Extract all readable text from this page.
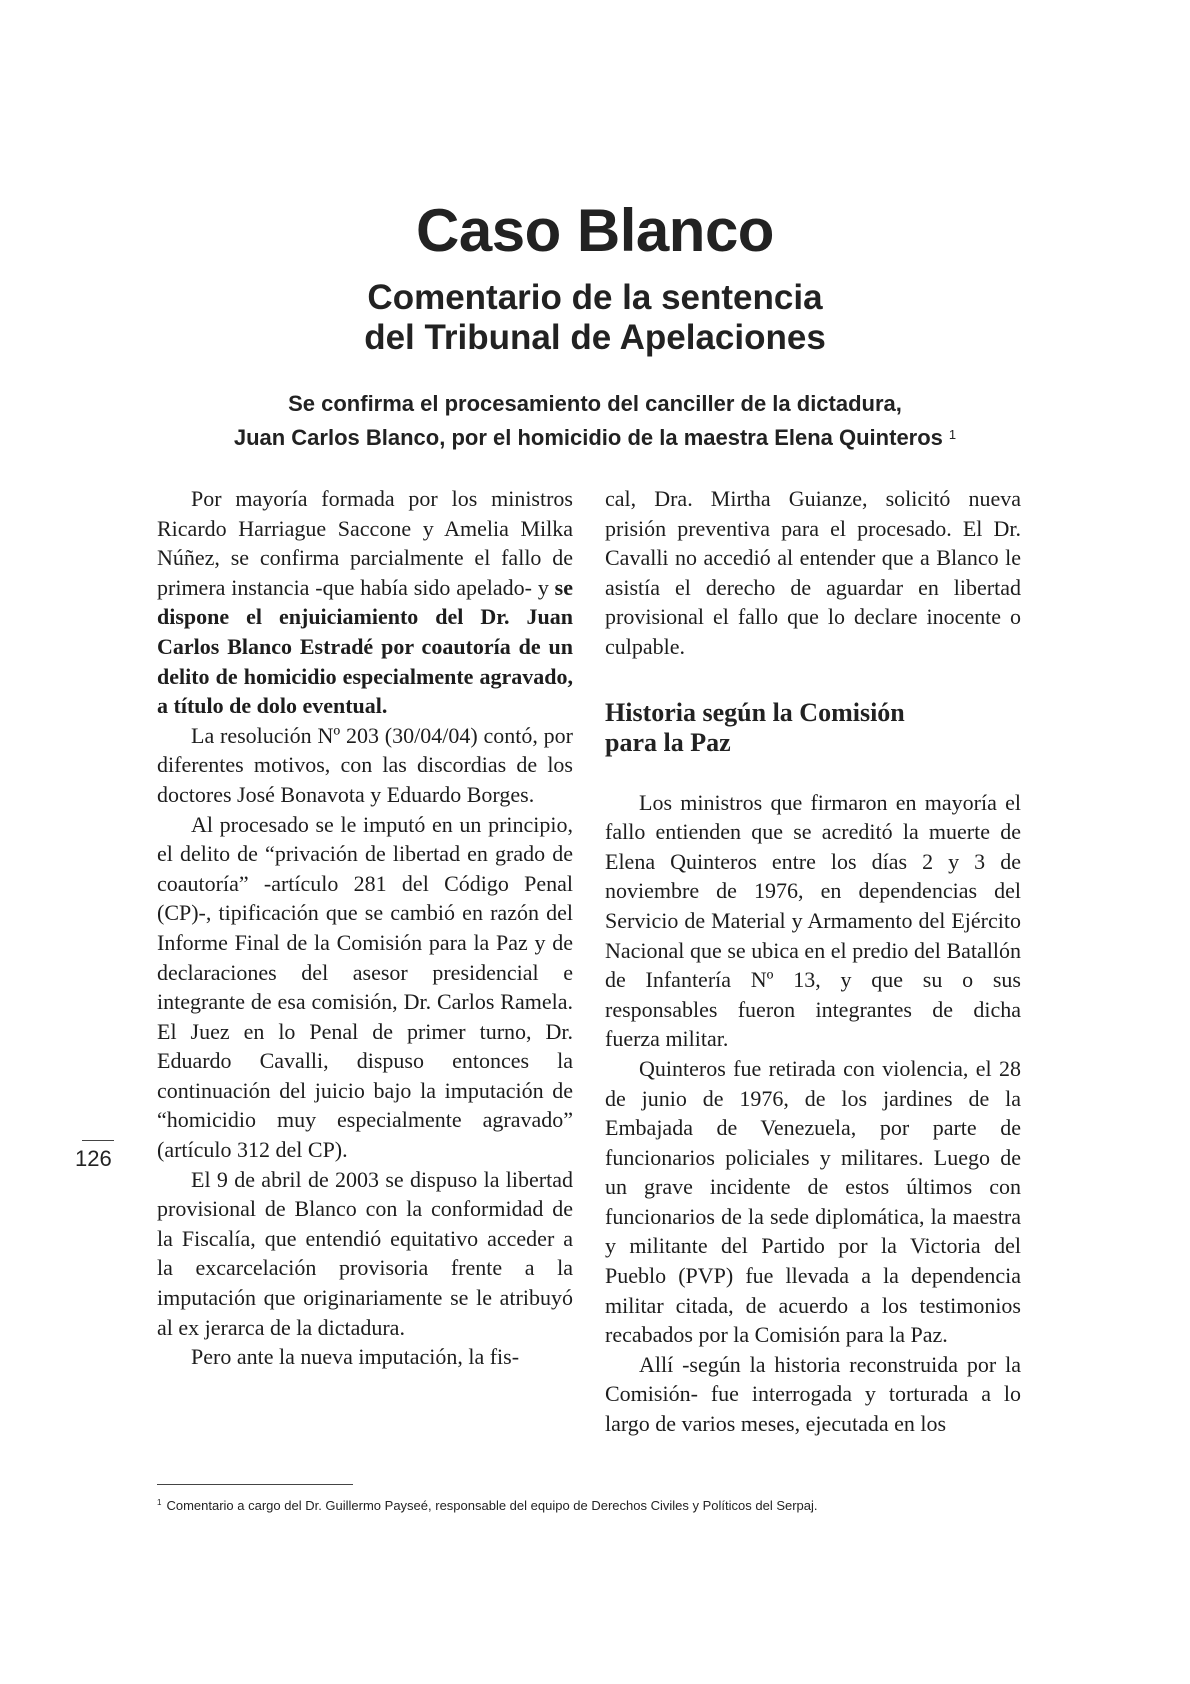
Caso Blanco
Comentario de la sentencia
del Tribunal de Apelaciones
Se confirma el procesamiento del canciller de la dictadura,
Juan Carlos Blanco, por el homicidio de la maestra Elena Quinteros $^1$

Por mayoría formada por los ministros Ricardo Harriague Saccone y Amelia Milka Núñez, se confirma parcialmente el fallo de primera instancia -que había sido apelado- y se dispone el enjuiciamiento del Dr. Juan Carlos Blanco Estradé por coautoría de un delito de homicidio especialmente agravado, a título de dolo eventual.

La resolución Nº 203 (30/04/04) contó, por diferentes motivos, con las discordias de los doctores José Bonavota y Eduardo Borges.

Al procesado se le imputó en un principio, el delito de “privación de libertad en grado de coautoría” -artículo 281 del Código Penal (CP)-, tipificación que se cambió en razón del Informe Final de la Comisión para la Paz y de declaraciones del asesor presidencial e integrante de esa comisión, Dr. Carlos Ramela. El Juez en lo Penal de primer turno, Dr. Eduardo Cavalli, dispuso entonces la continuación del juicio bajo la imputación de “homicidio muy especialmente agravado” (artículo 312 del CP).

El 9 de abril de 2003 se dispuso la libertad provisional de Blanco con la conformidad de la Fiscalía, que entendió equitativo acceder a la excarcelación provisoria frente a la imputación que originariamente se le atribuyó al ex jerarca de la dictadura.

Pero ante la nueva imputación, la fis-

cal, Dra. Mirtha Guianze, solicitó nueva prisión preventiva para el procesado. El Dr. Cavalli no accedió al entender que a Blanco le asistía el derecho de aguardar en libertad provisional el fallo que lo declare inocente o culpable.

Historia según la Comisión
para la Paz

Los ministros que firmaron en mayoría el fallo entienden que se acreditó la muerte de Elena Quinteros entre los días 2 y 3 de noviembre de 1976, en dependencias del Servicio de Material y Armamento del Ejército Nacional que se ubica en el predio del Batallón de Infantería Nº 13, y que su o sus responsables fueron integrantes de dicha fuerza militar.

Quinteros fue retirada con violencia, el 28 de junio de 1976, de los jardines de la Embajada de Venezuela, por parte de funcionarios policiales y militares. Luego de un grave incidente de estos últimos con funcionarios de la sede diplomática, la maestra y militante del Partido por la Victoria del Pueblo (PVP) fue llevada a la dependencia militar citada, de acuerdo a los testimonios recabados por la Comisión para la Paz.

Allí -según la historia reconstruida por la Comisión- fue interrogada y torturada a lo largo de varios meses, ejecutada en los

126
$^1$ Comentario a cargo del Dr. Guillermo Payseé, responsable del equipo de Derechos Civiles y Políticos del Serpaj.
